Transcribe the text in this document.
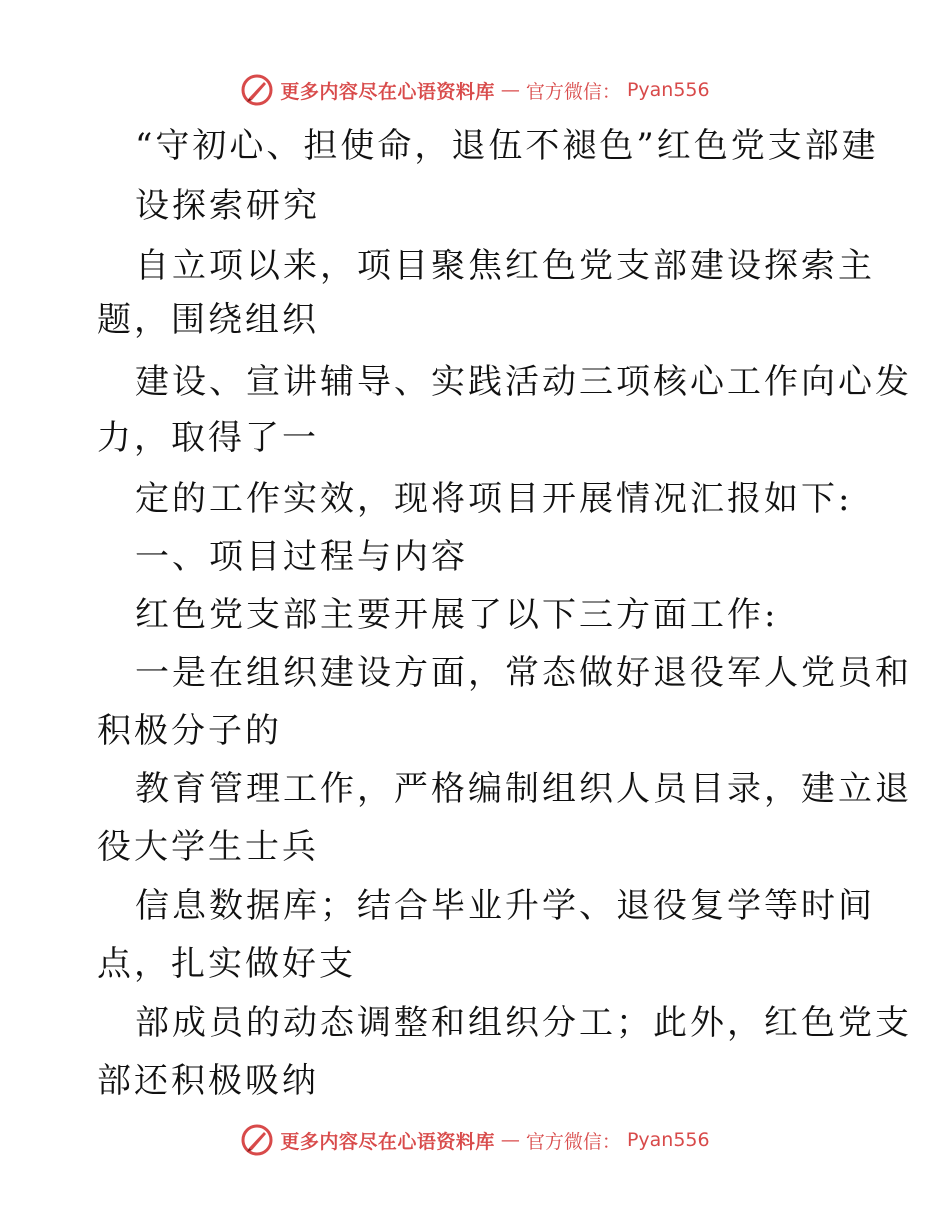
更多内容尽在心语资料库 — 官方微信： Pyan556
“守初心、担使命，退伍不褪色”红色党支部建
设探索研究
自立项以来，项目聚焦红色党支部建设探索主
题，围绕组织
建设、宣讲辅导、实践活动三项核心工作向心发
力，取得了一
定的工作实效，现将项目开展情况汇报如下:
一、项目过程与内容
红色党支部主要开展了以下三方面工作:
一是在组织建设方面，常态做好退役军人党员和
积极分子的
教育管理工作，严格编制组织人员目录，建立退
役大学生士兵
信息数据库；结合毕业升学、退役复学等时间
点，扎实做好支
部成员的动态调整和组织分工；此外，红色党支
部还积极吸纳
更多内容尽在心语资料库 — 官方微信： Pyan556
